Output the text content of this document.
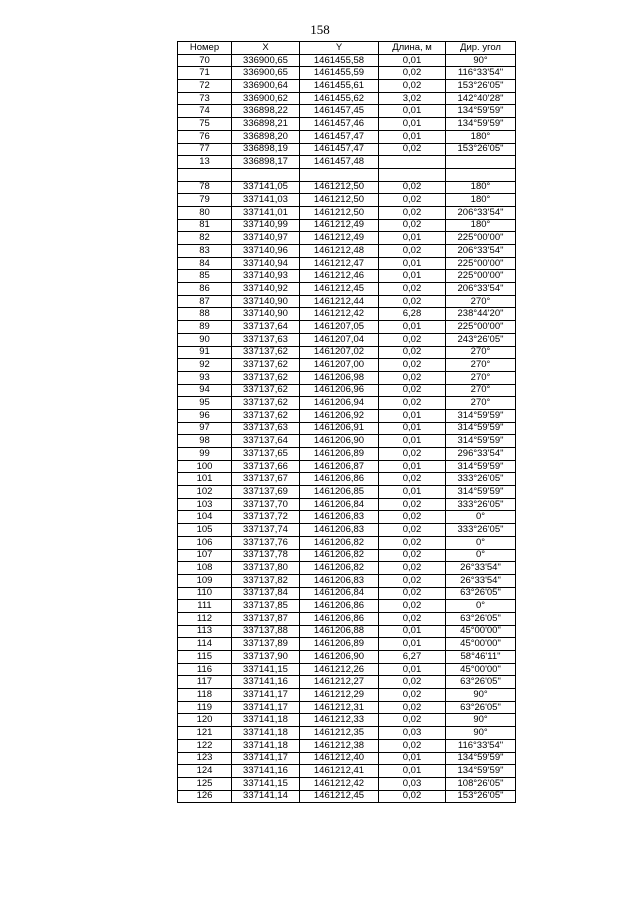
158
Номер	X	Y	Длина, м	Дир. угол
70	336900,65	1461455,58	0,01	90°
71	336900,65	1461455,59	0,02	116°33'54"
72	336900,64	1461455,61	0,02	153°26'05"
73	336900,62	1461455,62	3,02	142°40'28"
74	336898,22	1461457,45	0,01	134°59'59"
75	336898,21	1461457,46	0,01	134°59'59"
76	336898,20	1461457,47	0,01	180°
77	336898,19	1461457,47	0,02	153°26'05"
13	336898,17	1461457,48		

78	337141,05	1461212,50	0,02	180°
79	337141,03	1461212,50	0,02	180°
80	337141,01	1461212,50	0,02	206°33'54"
81	337140,99	1461212,49	0,02	180°
82	337140,97	1461212,49	0,01	225°00'00"
83	337140,96	1461212,48	0,02	206°33'54"
84	337140,94	1461212,47	0,01	225°00'00"
85	337140,93	1461212,46	0,01	225°00'00"
86	337140,92	1461212,45	0,02	206°33'54"
87	337140,90	1461212,44	0,02	270°
88	337140,90	1461212,42	6,28	238°44'20"
89	337137,64	1461207,05	0,01	225°00'00"
90	337137,63	1461207,04	0,02	243°26'05"
91	337137,62	1461207,02	0,02	270°
92	337137,62	1461207,00	0,02	270°
93	337137,62	1461206,98	0,02	270°
94	337137,62	1461206,96	0,02	270°
95	337137,62	1461206,94	0,02	270°
96	337137,62	1461206,92	0,01	314°59'59"
97	337137,63	1461206,91	0,01	314°59'59"
98	337137,64	1461206,90	0,01	314°59'59"
99	337137,65	1461206,89	0,02	296°33'54"
100	337137,66	1461206,87	0,01	314°59'59"
101	337137,67	1461206,86	0,02	333°26'05"
102	337137,69	1461206,85	0,01	314°59'59"
103	337137,70	1461206,84	0,02	333°26'05"
104	337137,72	1461206,83	0,02	0°
105	337137,74	1461206,83	0,02	333°26'05"
106	337137,76	1461206,82	0,02	0°
107	337137,78	1461206,82	0,02	0°
108	337137,80	1461206,82	0,02	26°33'54"
109	337137,82	1461206,83	0,02	26°33'54"
110	337137,84	1461206,84	0,02	63°26'05"
111	337137,85	1461206,86	0,02	0°
112	337137,87	1461206,86	0,02	63°26'05"
113	337137,88	1461206,88	0,01	45°00'00"
114	337137,89	1461206,89	0,01	45°00'00"
115	337137,90	1461206,90	6,27	58°46'11"
116	337141,15	1461212,26	0,01	45°00'00"
117	337141,16	1461212,27	0,02	63°26'05"
118	337141,17	1461212,29	0,02	90°
119	337141,17	1461212,31	0,02	63°26'05"
120	337141,18	1461212,33	0,02	90°
121	337141,18	1461212,35	0,03	90°
122	337141,18	1461212,38	0,02	116°33'54"
123	337141,17	1461212,40	0,01	134°59'59"
124	337141,16	1461212,41	0,01	134°59'59"
125	337141,15	1461212,42	0,03	108°26'05"
126	337141,14	1461212,45	0,02	153°26'05"
